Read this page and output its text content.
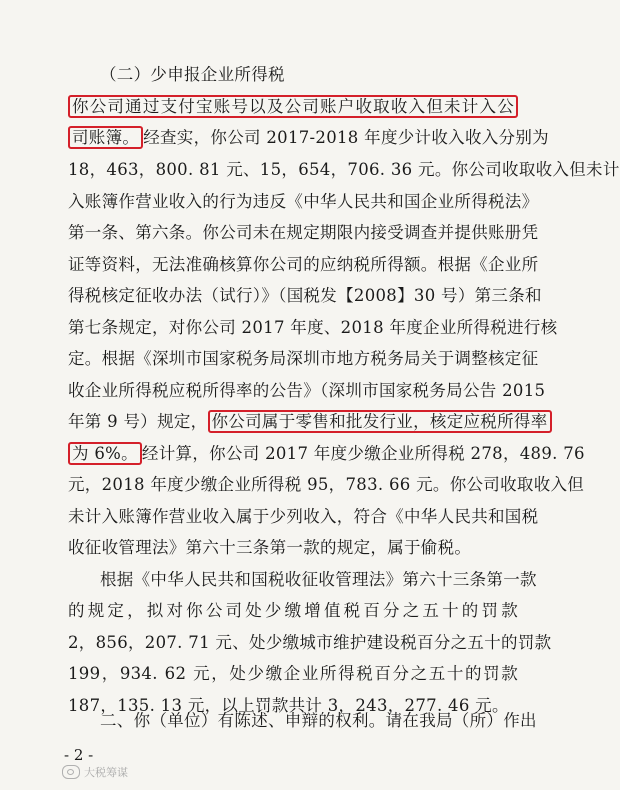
（二）少申报企业所得税
你公司通过支付宝账号以及公司账户收取收入但未计入公
司账簿。 经查实，你公司 2017-2018 年度少计收入收入分别为
18，463，800. 81 元、15，654，706. 36 元。你公司收取收入但未计
入账簿作营业收入的行为违反《中华人民共和国企业所得税法》
第一条、第六条。你公司未在规定期限内接受调查并提供账册凭
证等资料，无法准确核算你公司的应纳税所得额。根据《企业所
得税核定征收办法（试行）》（国税发【2008】30 号）第三条和
第七条规定，对你公司 2017 年度、2018 年度企业所得税进行核
定。根据《深圳市国家税务局深圳市地方税务局关于调整核定征
收企业所得税应税所得率的公告》（深圳市国家税务局公告 2015
年第 9 号）规定， 你公司属于零售和批发行业，核定应税所得率
为 6%。 经计算，你公司 2017 年度少缴企业所得税 278，489. 76
元，2018 年度少缴企业所得税 95，783. 66 元。你公司收取收入但
未计入账簿作营业收入属于少列收入，符合《中华人民共和国税
收征收管理法》第六十三条第一款的规定，属于偷税。
根据《中华人民共和国税收征收管理法》第六十三条第一款
的规定，拟对你公司处少缴增值税百分之五十的罚款
2，856，207. 71 元、处少缴城市维护建设税百分之五十的罚款
199，934. 62 元，处少缴企业所得税百分之五十的罚款
187，135. 13 元，以上罚款共计 3，243，277. 46 元。
二、你（单位）有陈述、申辩的权利。请在我局（所）作出
- 2 -
大税筹谋
